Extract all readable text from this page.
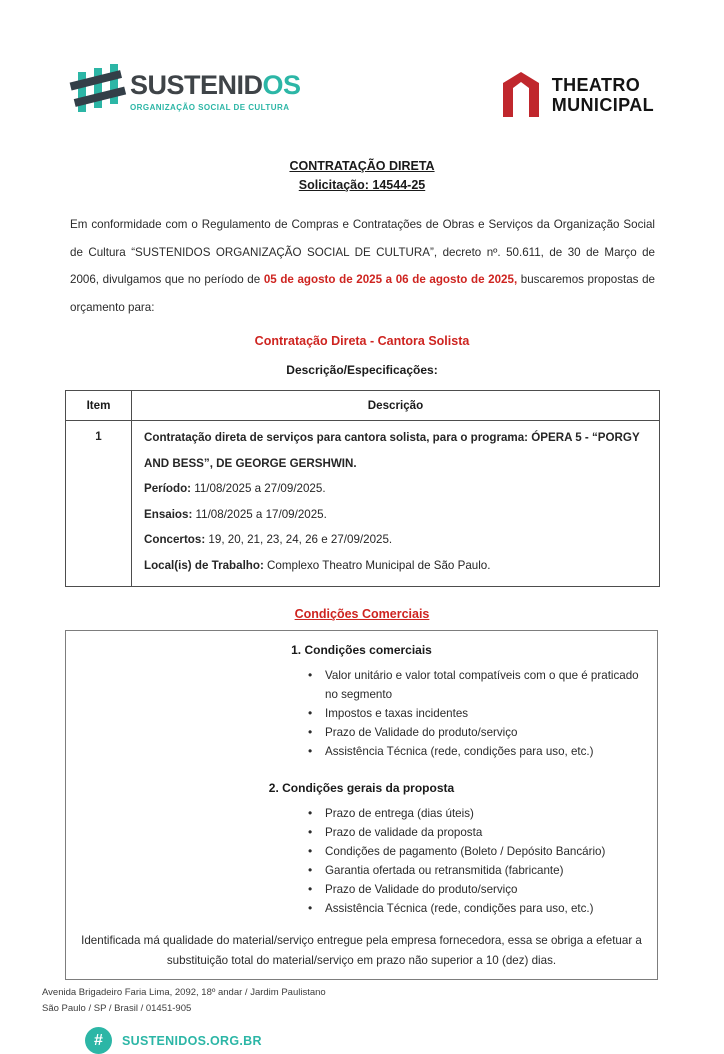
SUSTENIDOS
ORGANIZAÇÃO SOCIAL DE CULTURA
THEATRO
MUNICIPAL
CONTRATAÇÃO DIRETA
Solicitação: 14544-25

Em conformidade com o Regulamento de Compras e Contratações de Obras e Serviços da Organização Social de Cultura “SUSTENIDOS ORGANIZAÇÃO SOCIAL DE CULTURA”, decreto nº. 50.611, de 30 de Março de 2006, divulgamos que no período de 05 de agosto de 2025 a 06 de agosto de 2025, buscaremos propostas de orçamento para:

Contratação Direta - Cantora Solista
Descrição/Especificações:
Item	Descrição
1	Contratação direta de serviços para cantora solista, para o programa: ÓPERA 5 - “PORGY AND BESS”, DE GEORGE GERSHWIN.
Período: 11/08/2025 a 27/09/2025.
Ensaios: 11/08/2025 a 17/09/2025.
Concertos: 19, 20, 21, 23, 24, 26 e 27/09/2025.
Local(is) de Trabalho: Complexo Theatro Municipal de São Paulo.
Condições Comerciais
1. Condições comerciais
• Valor unitário e valor total compatíveis com o que é praticado no segmento
• Impostos e taxas incidentes
• Prazo de Validade do produto/serviço
• Assistência Técnica (rede, condições para uso, etc.)
2. Condições gerais da proposta
• Prazo de entrega (dias úteis)
• Prazo de validade da proposta
• Condições de pagamento (Boleto / Depósito Bancário)
• Garantia ofertada ou retransmitida (fabricante)
• Prazo de Validade do produto/serviço
• Assistência Técnica (rede, condições para uso, etc.)

Identificada má qualidade do material/serviço entregue pela empresa fornecedora, essa se obriga a efetuar a substituição total do material/serviço em prazo não superior a 10 (dez) dias.

Avenida Brigadeiro Faria Lima, 2092, 18º andar / Jardim Paulistano
São Paulo / SP / Brasil / 01451-905
#	SUSTENIDOS.ORG.BR
